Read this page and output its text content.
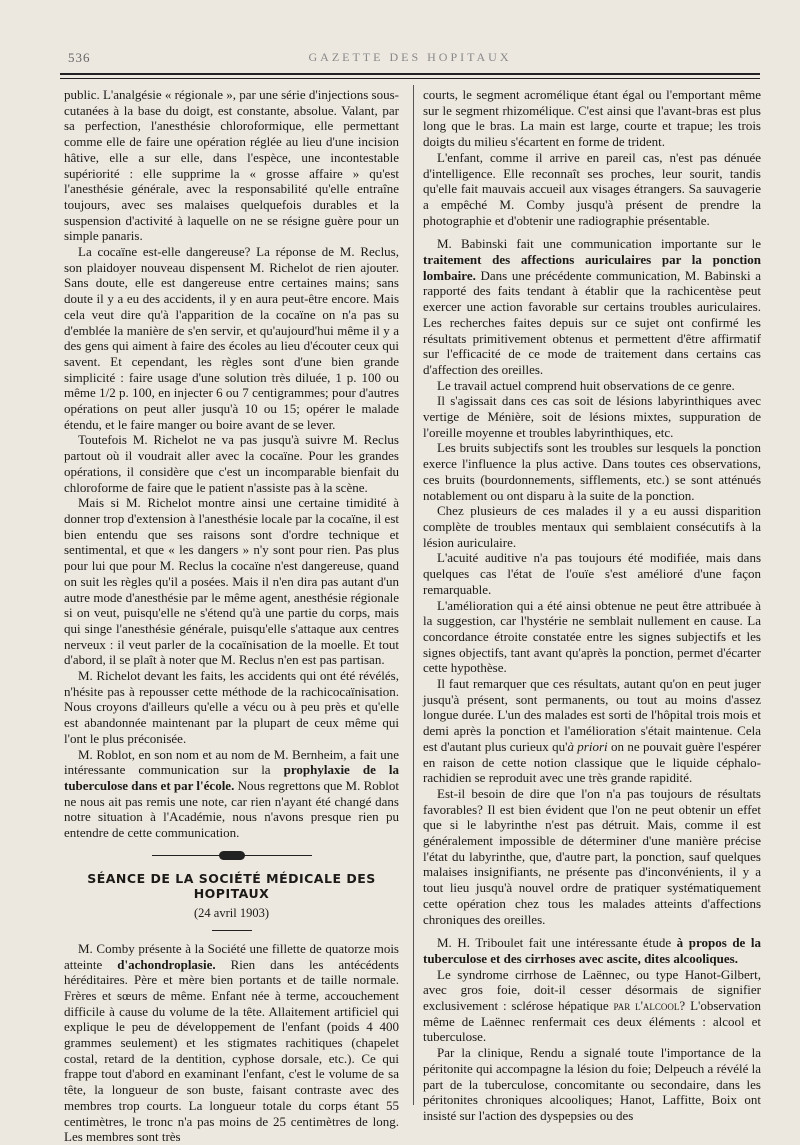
536	GAZETTE DES HOPITAUX

public. L'analgésie « régionale », par une série d'injections sous-cutanées à la base du doigt, est constante, absolue. Valant, par sa perfection, l'anesthésie chloroformique, elle permettant comme elle de faire une opération réglée au lieu d'une incision hâtive, elle a sur elle, dans l'espèce, une incontestable supériorité : elle supprime la « grosse affaire » qu'est l'anesthésie générale, avec la responsabilité qu'elle entraîne toujours, avec ses malaises quelquefois durables et la suspension d'activité à laquelle on ne se résigne guère pour un simple panaris.

La cocaïne est-elle dangereuse? La réponse de M. Reclus, son plaidoyer nouveau dispensent M. Richelot de rien ajouter. Sans doute, elle est dangereuse entre certaines mains; sans doute il y a eu des accidents, il y en aura peut-être encore. Mais cela veut dire qu'à l'apparition de la cocaïne on n'a pas su d'emblée la manière de s'en servir, et qu'aujourd'hui même il y a des gens qui aiment à faire des écoles au lieu d'écouter ceux qui savent. Et cependant, les règles sont d'une bien grande simplicité : faire usage d'une solution très diluée, 1 p. 100 ou même 1/2 p. 100, en injecter 6 ou 7 centigrammes; pour d'autres opérations on peut aller jusqu'à 10 ou 15; opérer le malade étendu, et le faire manger ou boire avant de se lever.

Toutefois M. Richelot ne va pas jusqu'à suivre M. Reclus partout où il voudrait aller avec la cocaïne. Pour les grandes opérations, il considère que c'est un incomparable bienfait du chloroforme de faire que le patient n'assiste pas à la scène.

Mais si M. Richelot montre ainsi une certaine timidité à donner trop d'extension à l'anesthésie locale par la cocaïne, il est bien entendu que ses raisons sont d'ordre technique et sentimental, et que « les dangers » n'y sont pour rien. Pas plus pour lui que pour M. Reclus la cocaïne n'est dangereuse, quand on suit les règles qu'il a posées. Mais il n'en dira pas autant d'un autre mode d'anesthésie par le même agent, anesthésie régionale si on veut, puisqu'elle ne s'étend qu'à une partie du corps, mais qui singe l'anesthésie générale, puisqu'elle s'attaque aux centres nerveux : il veut parler de la cocaïnisation de la moelle. Et tout d'abord, il se plaît à noter que M. Reclus n'en est pas partisan.

M. Richelot devant les faits, les accidents qui ont été révélés, n'hésite pas à repousser cette méthode de la rachicocaïnisation. Nous croyons d'ailleurs qu'elle a vécu ou à peu près et qu'elle est abandonnée maintenant par la plupart de ceux même qui l'ont le plus préconisée.

M. Roblot, en son nom et au nom de M. Bernheim, a fait une intéressante communication sur la prophylaxie de la tuberculose dans et par l'école. Nous regrettons que M. Roblot ne nous ait pas remis une note, car rien n'ayant été changé dans notre situation à l'Académie, nous n'avons presque rien pu entendre de cette communication.

SÉANCE DE LA SOCIÉTÉ MÉDICALE DES HOPITAUX
(24 avril 1903)

M. Comby présente à la Société une fillette de quatorze mois atteinte d'achondroplasie. Rien dans les antécédents héréditaires. Père et mère bien portants et de taille normale. Frères et sœurs de même. Enfant née à terme, accouchement difficile à cause du volume de la tête. Allaitement artificiel qui explique le peu de développement de l'enfant (poids 4 400 grammes seulement) et les stigmates rachitiques (chapelet costal, retard de la dentition, cyphose dorsale, etc.). Ce qui frappe tout d'abord en examinant l'enfant, c'est le volume de sa tête, la longueur de son buste, faisant contraste avec des membres trop courts. La longueur totale du corps étant 55 centimètres, le tronc n'a pas moins de 25 centimètres de long. Les membres sont très

courts, le segment acromélique étant égal ou l'emportant même sur le segment rhizomélique. C'est ainsi que l'avant-bras est plus long que le bras. La main est large, courte et trapue; les trois doigts du milieu s'écartent en forme de trident.

L'enfant, comme il arrive en pareil cas, n'est pas dénuée d'intelligence. Elle reconnaît ses proches, leur sourit, tandis qu'elle fait mauvais accueil aux visages étrangers. Sa sauvagerie a empêché M. Comby jusqu'à présent de prendre la photographie et d'obtenir une radiographie présentable.

M. Babinski fait une communication importante sur le traitement des affections auriculaires par la ponction lombaire. Dans une précédente communication, M. Babinski a rapporté des faits tendant à établir que la rachicentèse peut exercer une action favorable sur certains troubles auriculaires. Les recherches faites depuis sur ce sujet ont confirmé les résultats primitivement obtenus et permettent d'être affirmatif sur l'efficacité de ce mode de traitement dans certains cas d'affection des oreilles.

Le travail actuel comprend huit observations de ce genre.

Il s'agissait dans ces cas soit de lésions labyrinthiques avec vertige de Ménière, soit de lésions mixtes, suppuration de l'oreille moyenne et troubles labyrinthiques, etc.

Les bruits subjectifs sont les troubles sur lesquels la ponction exerce l'influence la plus active. Dans toutes ces observations, ces bruits (bourdonnements, sifflements, etc.) se sont atténués notablement ou ont disparu à la suite de la ponction.

Chez plusieurs de ces malades il y a eu aussi disparition complète de troubles mentaux qui semblaient consécutifs à la lésion auriculaire.

L'acuité auditive n'a pas toujours été modifiée, mais dans quelques cas l'état de l'ouïe s'est amélioré d'une façon remarquable.

L'amélioration qui a été ainsi obtenue ne peut être attribuée à la suggestion, car l'hystérie ne semblait nullement en cause. La concordance étroite constatée entre les signes subjectifs et les signes objectifs, tant avant qu'après la ponction, permet d'écarter cette hypothèse.

Il faut remarquer que ces résultats, autant qu'on en peut juger jusqu'à présent, sont permanents, ou tout au moins d'assez longue durée. L'un des malades est sorti de l'hôpital trois mois et demi après la ponction et l'amélioration s'était maintenue. Cela est d'autant plus curieux qu'à priori on ne pouvait guère l'espérer en raison de cette notion classique que le liquide céphalo-rachidien se reproduit avec une très grande rapidité.

Est-il besoin de dire que l'on n'a pas toujours de résultats favorables? Il est bien évident que l'on ne peut obtenir un effet que si le labyrinthe n'est pas détruit. Mais, comme il est généralement impossible de déterminer d'une manière précise l'état du labyrinthe, que, d'autre part, la ponction, sauf quelques malaises insignifiants, ne présente pas d'inconvénients, il y a tout lieu jusqu'à nouvel ordre de pratiquer systématiquement cette opération chez tous les malades atteints d'affections chroniques des oreilles.

M. H. Triboulet fait une intéressante étude à propos de la tuberculose et des cirrhoses avec ascite, dites alcooliques.

Le syndrome cirrhose de Laënnec, ou type Hanot-Gilbert, avec gros foie, doit-il cesser désormais de signifier exclusivement : sclérose hépatique par l'alcool? L'observation même de Laënnec renfermait ces deux éléments : alcool et tuberculose.

Par la clinique, Rendu a signalé toute l'importance de la péritonite qui accompagne la lésion du foie; Delpeuch a révélé la part de la tuberculose, concomitante ou secondaire, dans les péritonites chroniques alcooliques; Hanot, Laffitte, Boix ont insisté sur l'action des dyspepsies ou des
